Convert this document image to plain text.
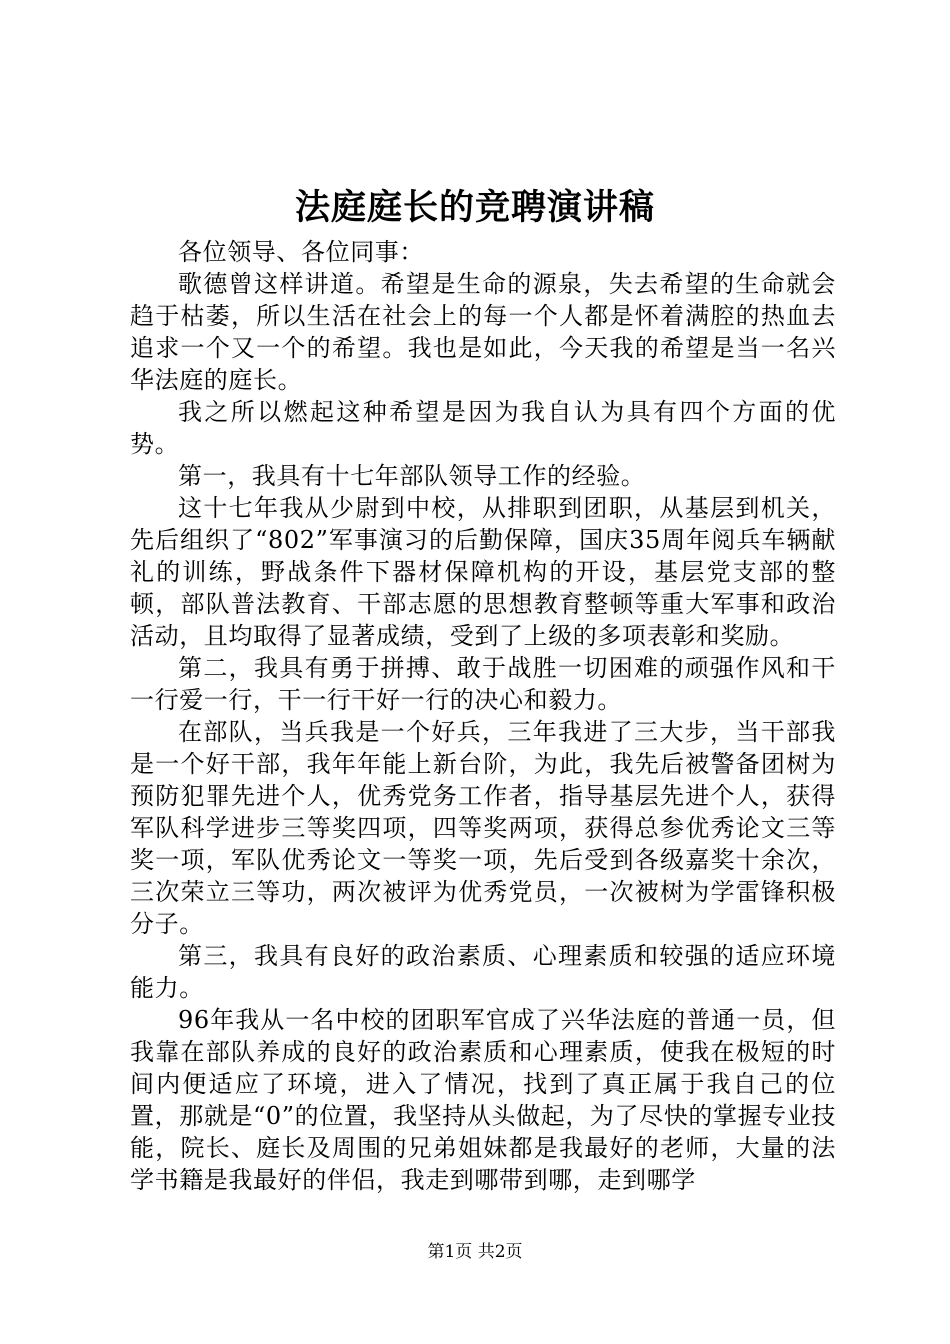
法庭庭长的竞聘演讲稿

各位领导、各位同事：

歌德曾这样讲道。希望是生命的源泉，失去希望的生命就会趋于枯萎，所以生活在社会上的每一个人都是怀着满腔的热血去追求一个又一个的希望。我也是如此，今天我的希望是当一名兴华法庭的庭长。

我之所以燃起这种希望是因为我自认为具有四个方面的优势。

第一，我具有十七年部队领导工作的经验。

这十七年我从少尉到中校，从排职到团职，从基层到机关，先后组织了“802”军事演习的后勤保障，国庆35周年阅兵车辆献礼的训练，野战条件下器材保障机构的开设，基层党支部的整顿，部队普法教育、干部志愿的思想教育整顿等重大军事和政治活动，且均取得了显著成绩，受到了上级的多项表彰和奖励。

第二，我具有勇于拼搏、敢于战胜一切困难的顽强作风和干一行爱一行，干一行干好一行的决心和毅力。

在部队，当兵我是一个好兵，三年我进了三大步，当干部我是一个好干部，我年年能上新台阶，为此，我先后被警备团树为预防犯罪先进个人，优秀党务工作者，指导基层先进个人，获得军队科学进步三等奖四项，四等奖两项，获得总参优秀论文三等奖一项，军队优秀论文一等奖一项，先后受到各级嘉奖十余次，三次荣立三等功，两次被评为优秀党员，一次被树为学雷锋积极分子。

第三，我具有良好的政治素质、心理素质和较强的适应环境能力。

96年我从一名中校的团职军官成了兴华法庭的普通一员，但我靠在部队养成的良好的政治素质和心理素质，使我在极短的时间内便适应了环境，进入了情况，找到了真正属于我自己的位置，那就是“0”的位置，我坚持从头做起，为了尽快的掌握专业技能，院长、庭长及周围的兄弟姐妹都是我最好的老师，大量的法学书籍是我最好的伴侣，我走到哪带到哪，走到哪学

第1页 共2页
